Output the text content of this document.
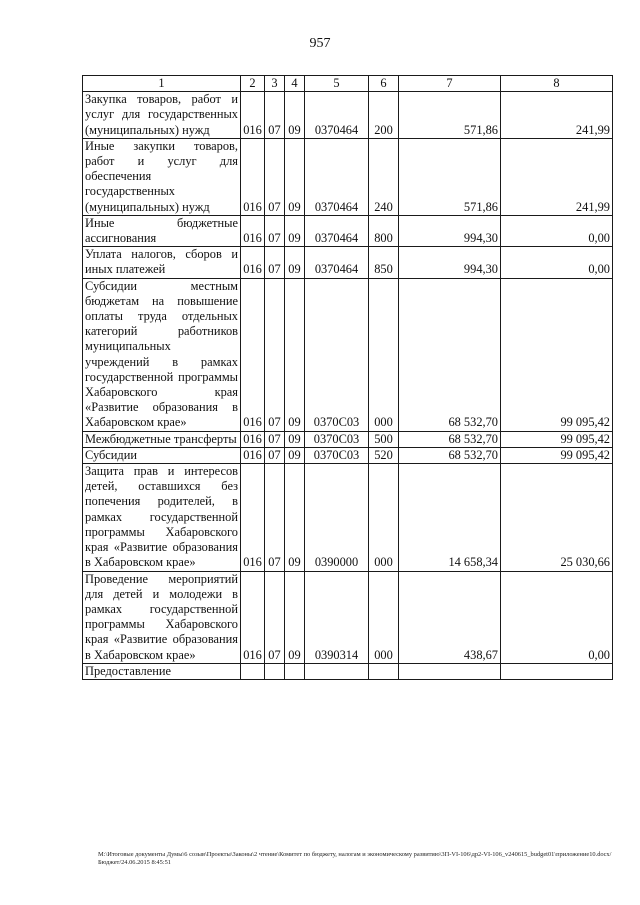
957
1	2	3	4	5	6	7	8
Закупка товаров, работ и услуг для государственных (муниципальных) нужд	016	07	09	0370464	200	571,86	241,99
Иные закупки товаров, работ и услуг для обеспечения государственных (муниципальных) нужд	016	07	09	0370464	240	571,86	241,99
Иные бюджетные ассигнования	016	07	09	0370464	800	994,30	0,00
Уплата налогов, сборов и иных платежей	016	07	09	0370464	850	994,30	0,00
Субсидии местным бюджетам на повышение оплаты труда отдельных категорий работников муниципальных учреждений в рамках государственной программы Хабаровского края «Развитие образования в Хабаровском крае»	016	07	09	0370С03	000	68 532,70	99 095,42
Межбюджетные трансферты	016	07	09	0370С03	500	68 532,70	99 095,42
Субсидии	016	07	09	0370С03	520	68 532,70	99 095,42
Защита прав и интересов детей, оставшихся без попечения родителей, в рамках государственной программы Хабаровского края «Развитие образования в Хабаровском крае»	016	07	09	0390000	000	14 658,34	25 030,66
Проведение мероприятий для детей и молодежи в рамках государственной программы Хабаровского края «Развитие образования в Хабаровском крае»	016	07	09	0390314	000	438,67	0,00
Предоставление							
M:\Итоговые документы Думы\6 созыв\Проекты\Законы\2 чтение\Комитет по бюджету, налогам и экономическому развитию\3П-VI-106\др2-VI-106_v240615_budget01\приложение10.docx/Бюджет/24.06.2015 8:45:51
